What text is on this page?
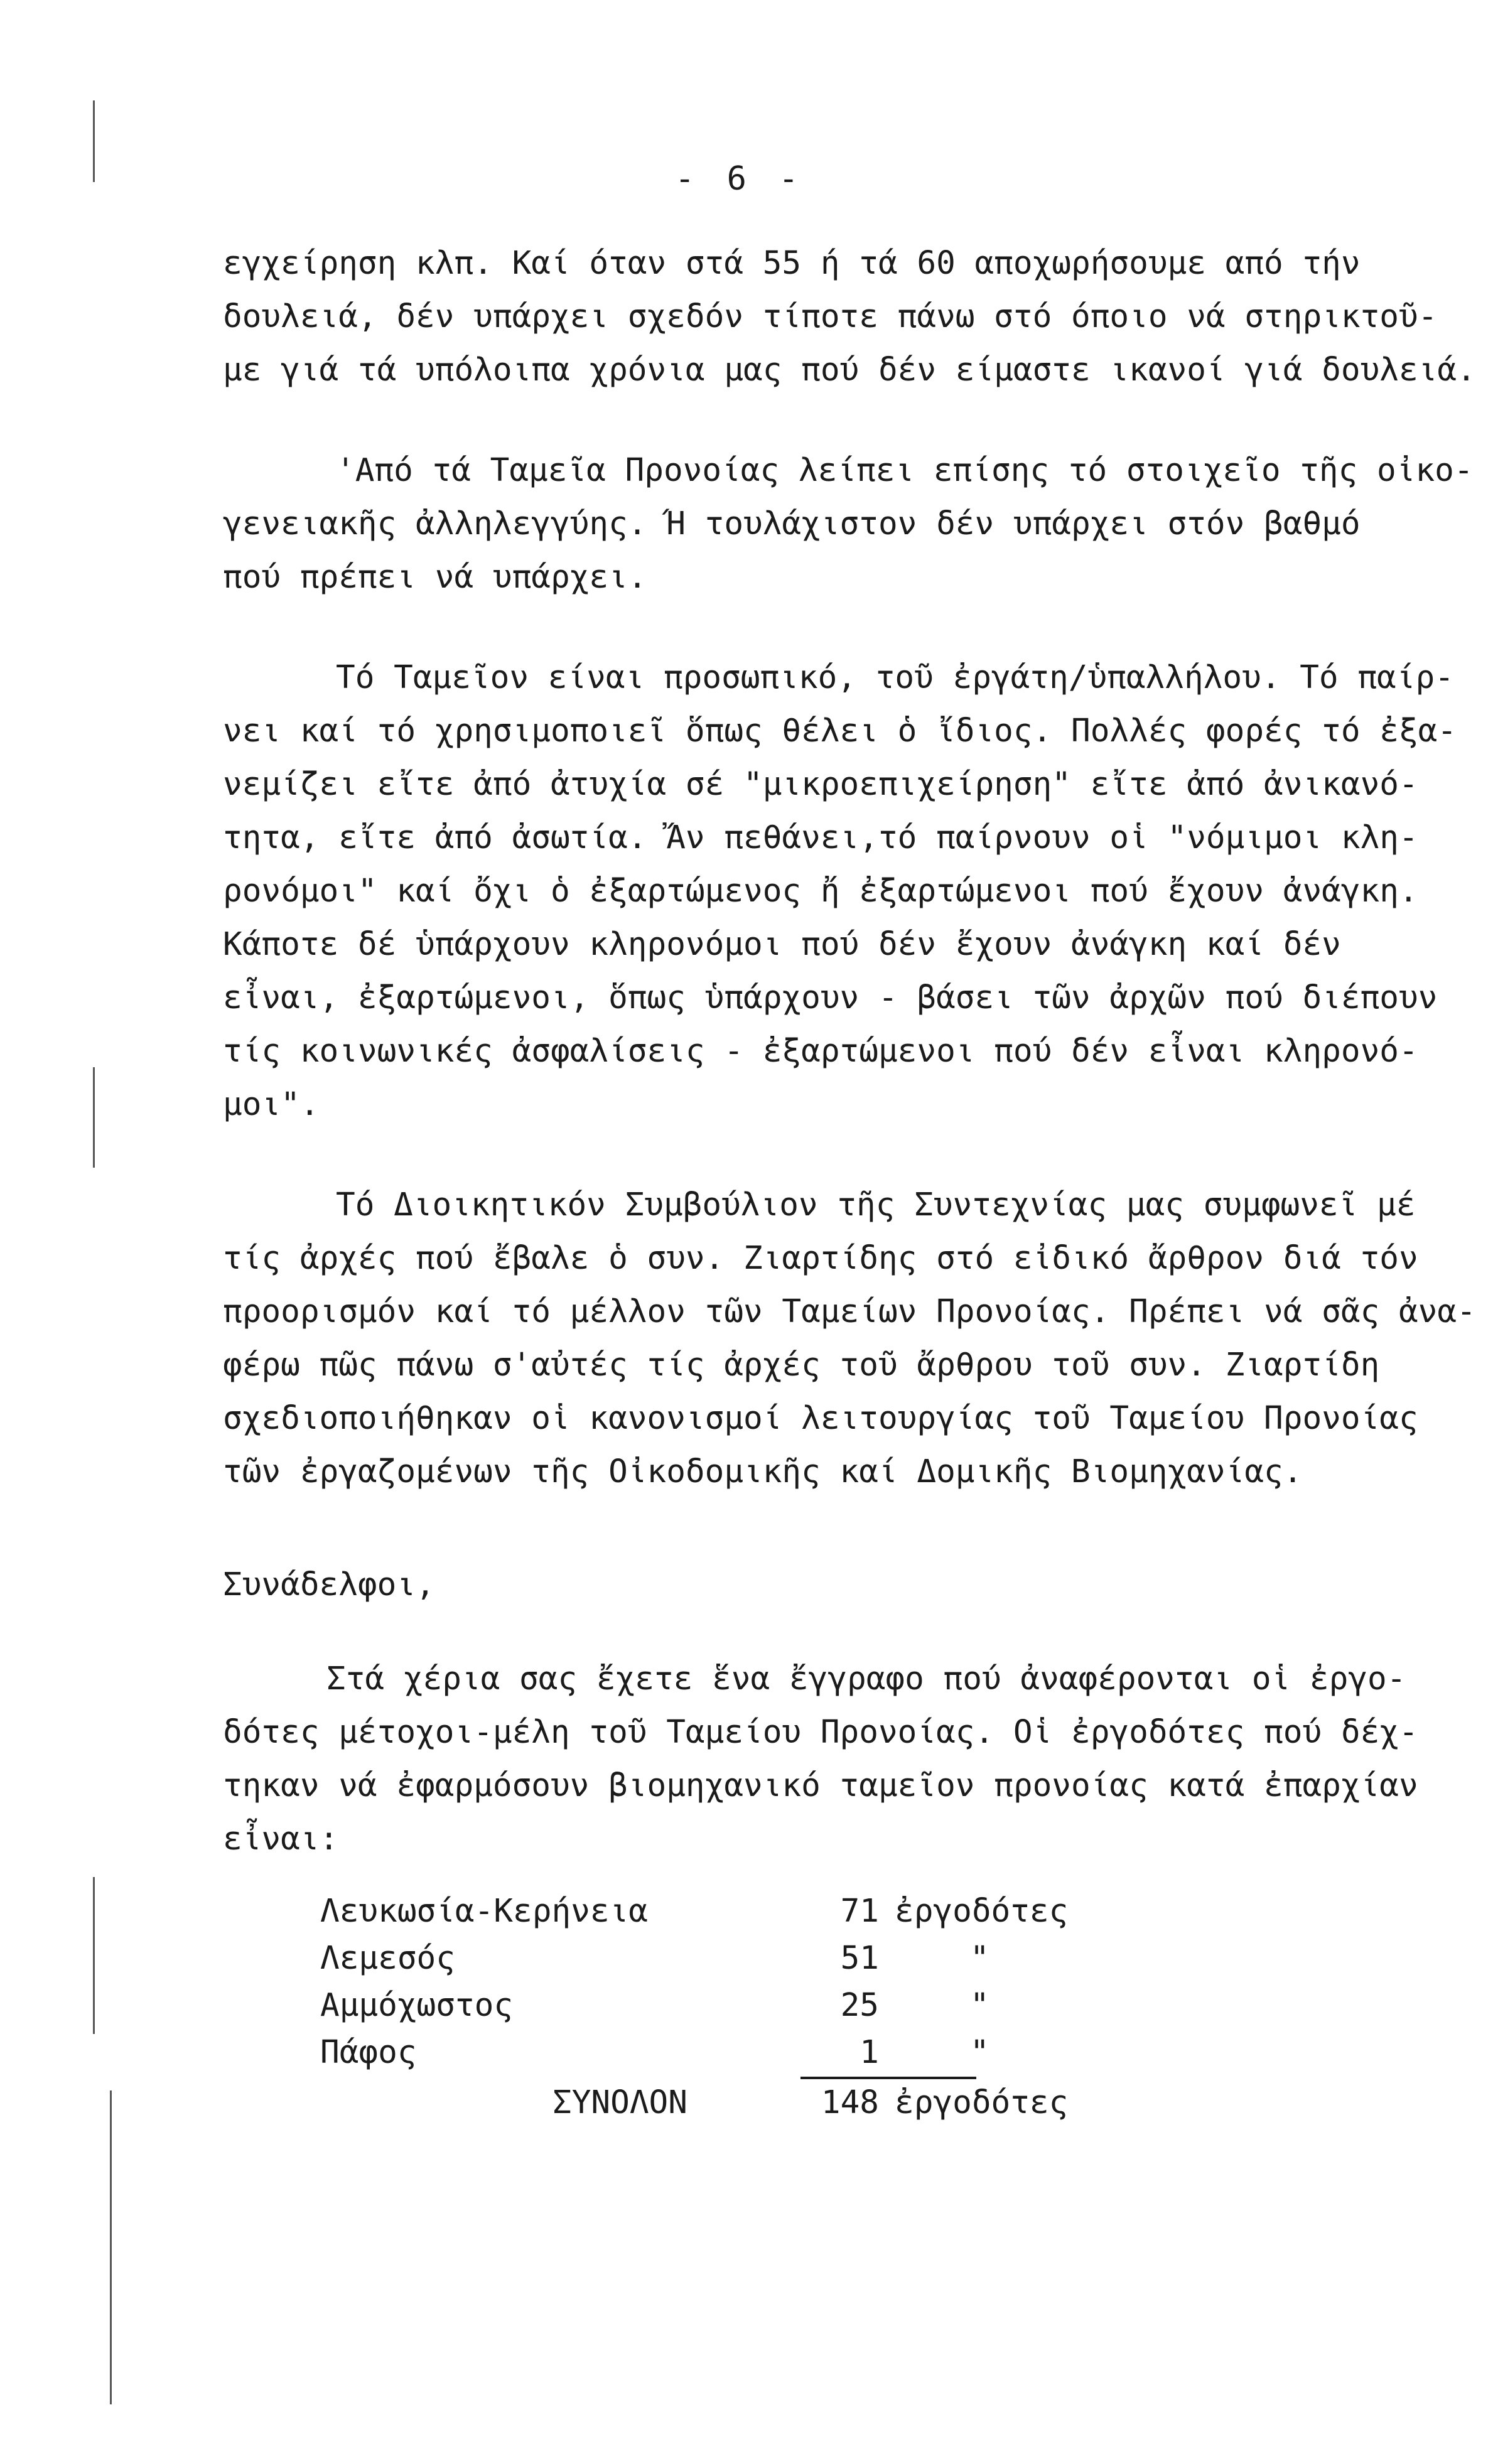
- 6 -
εγχείρηση κλπ. Καί όταν στά 55 ή τά 60 αποχωρήσουμε από τήν
δουλειά, δέν υπάρχει σχεδόν τίποτε πάνω στό όποιο νά στηρικτοῦ-
με γιά τά υπόλοιπα χρόνια μας πού δέν είμαστε ικανοί γιά δουλειά.
'Από τά Ταμεῖα Προνοίας λείπει επίσης τό στοιχεῖο τῆς οἰκο-
γενειακῆς ἀλληλεγγύης. Ή τουλάχιστον δέν υπάρχει στόν βαθμό
πού πρέπει νά υπάρχει.
Τό Ταμεῖον είναι προσωπικό, τοῦ ἐργάτη/ὑπαλλήλου. Τό παίρ-
νει καί τό χρησιμοποιεῖ ὅπως θέλει ὁ ἴδιος. Πολλές φορές τό ἐξα-
νεμίζει εἴτε ἀπό ἀτυχία σέ "μικροεπιχείρηση" εἴτε ἀπό ἀνικανό-
τητα, εἴτε ἀπό ἀσωτία. Ἄν πεθάνει,τό παίρνουν οἱ "νόμιμοι κλη-
ρονόμοι" καί ὄχι ὁ ἐξαρτώμενος ἤ ἐξαρτώμενοι πού ἔχουν ἀνάγκη.
Κάποτε δέ ὑπάρχουν κληρονόμοι πού δέν ἔχουν ἀνάγκη καί δέν
εἶναι, ἐξαρτώμενοι, ὅπως ὑπάρχουν - βάσει τῶν ἀρχῶν πού διέπουν
τίς κοινωνικές ἀσφαλίσεις - ἐξαρτώμενοι πού δέν εἶναι κληρονό-
μοι".
Τό Διοικητικόν Συμβούλιον τῆς Συντεχνίας μας συμφωνεῖ μέ
τίς ἀρχές πού ἔβαλε ὁ συν. Ζιαρτίδης στό εἰδικό ἄρθρον διά τόν
προορισμόν καί τό μέλλον τῶν Ταμείων Προνοίας. Πρέπει νά σᾶς ἀνα-
φέρω πῶς πάνω σ'αὐτές τίς ἀρχές τοῦ ἄρθρου τοῦ συν. Ζιαρτίδη
σχεδιοποιήθηκαν οἱ κανονισμοί λειτουργίας τοῦ Ταμείου Προνοίας
τῶν ἐργαζομένων τῆς Οἰκοδομικῆς καί Δομικῆς Βιομηχανίας.
Συνάδελφοι,
Στά χέρια σας ἔχετε ἕνα ἔγγραφο πού ἀναφέρονται οἱ ἐργο-
δότες μέτοχοι-μέλη τοῦ Ταμείου Προνοίας. Οἱ ἐργοδότες πού δέχ-
τηκαν νά ἐφαρμόσουν βιομηχανικό ταμεῖον προνοίας κατά ἐπαρχίαν
εἶναι:
Λευκωσία-Κερήνεια	71 ἐργοδότες
Λεμεσός	51	"
Αμμόχωστος	25	"
Πάφος	1	"
ΣΥΝΟΛΟΝ	148 ἐργοδότες
